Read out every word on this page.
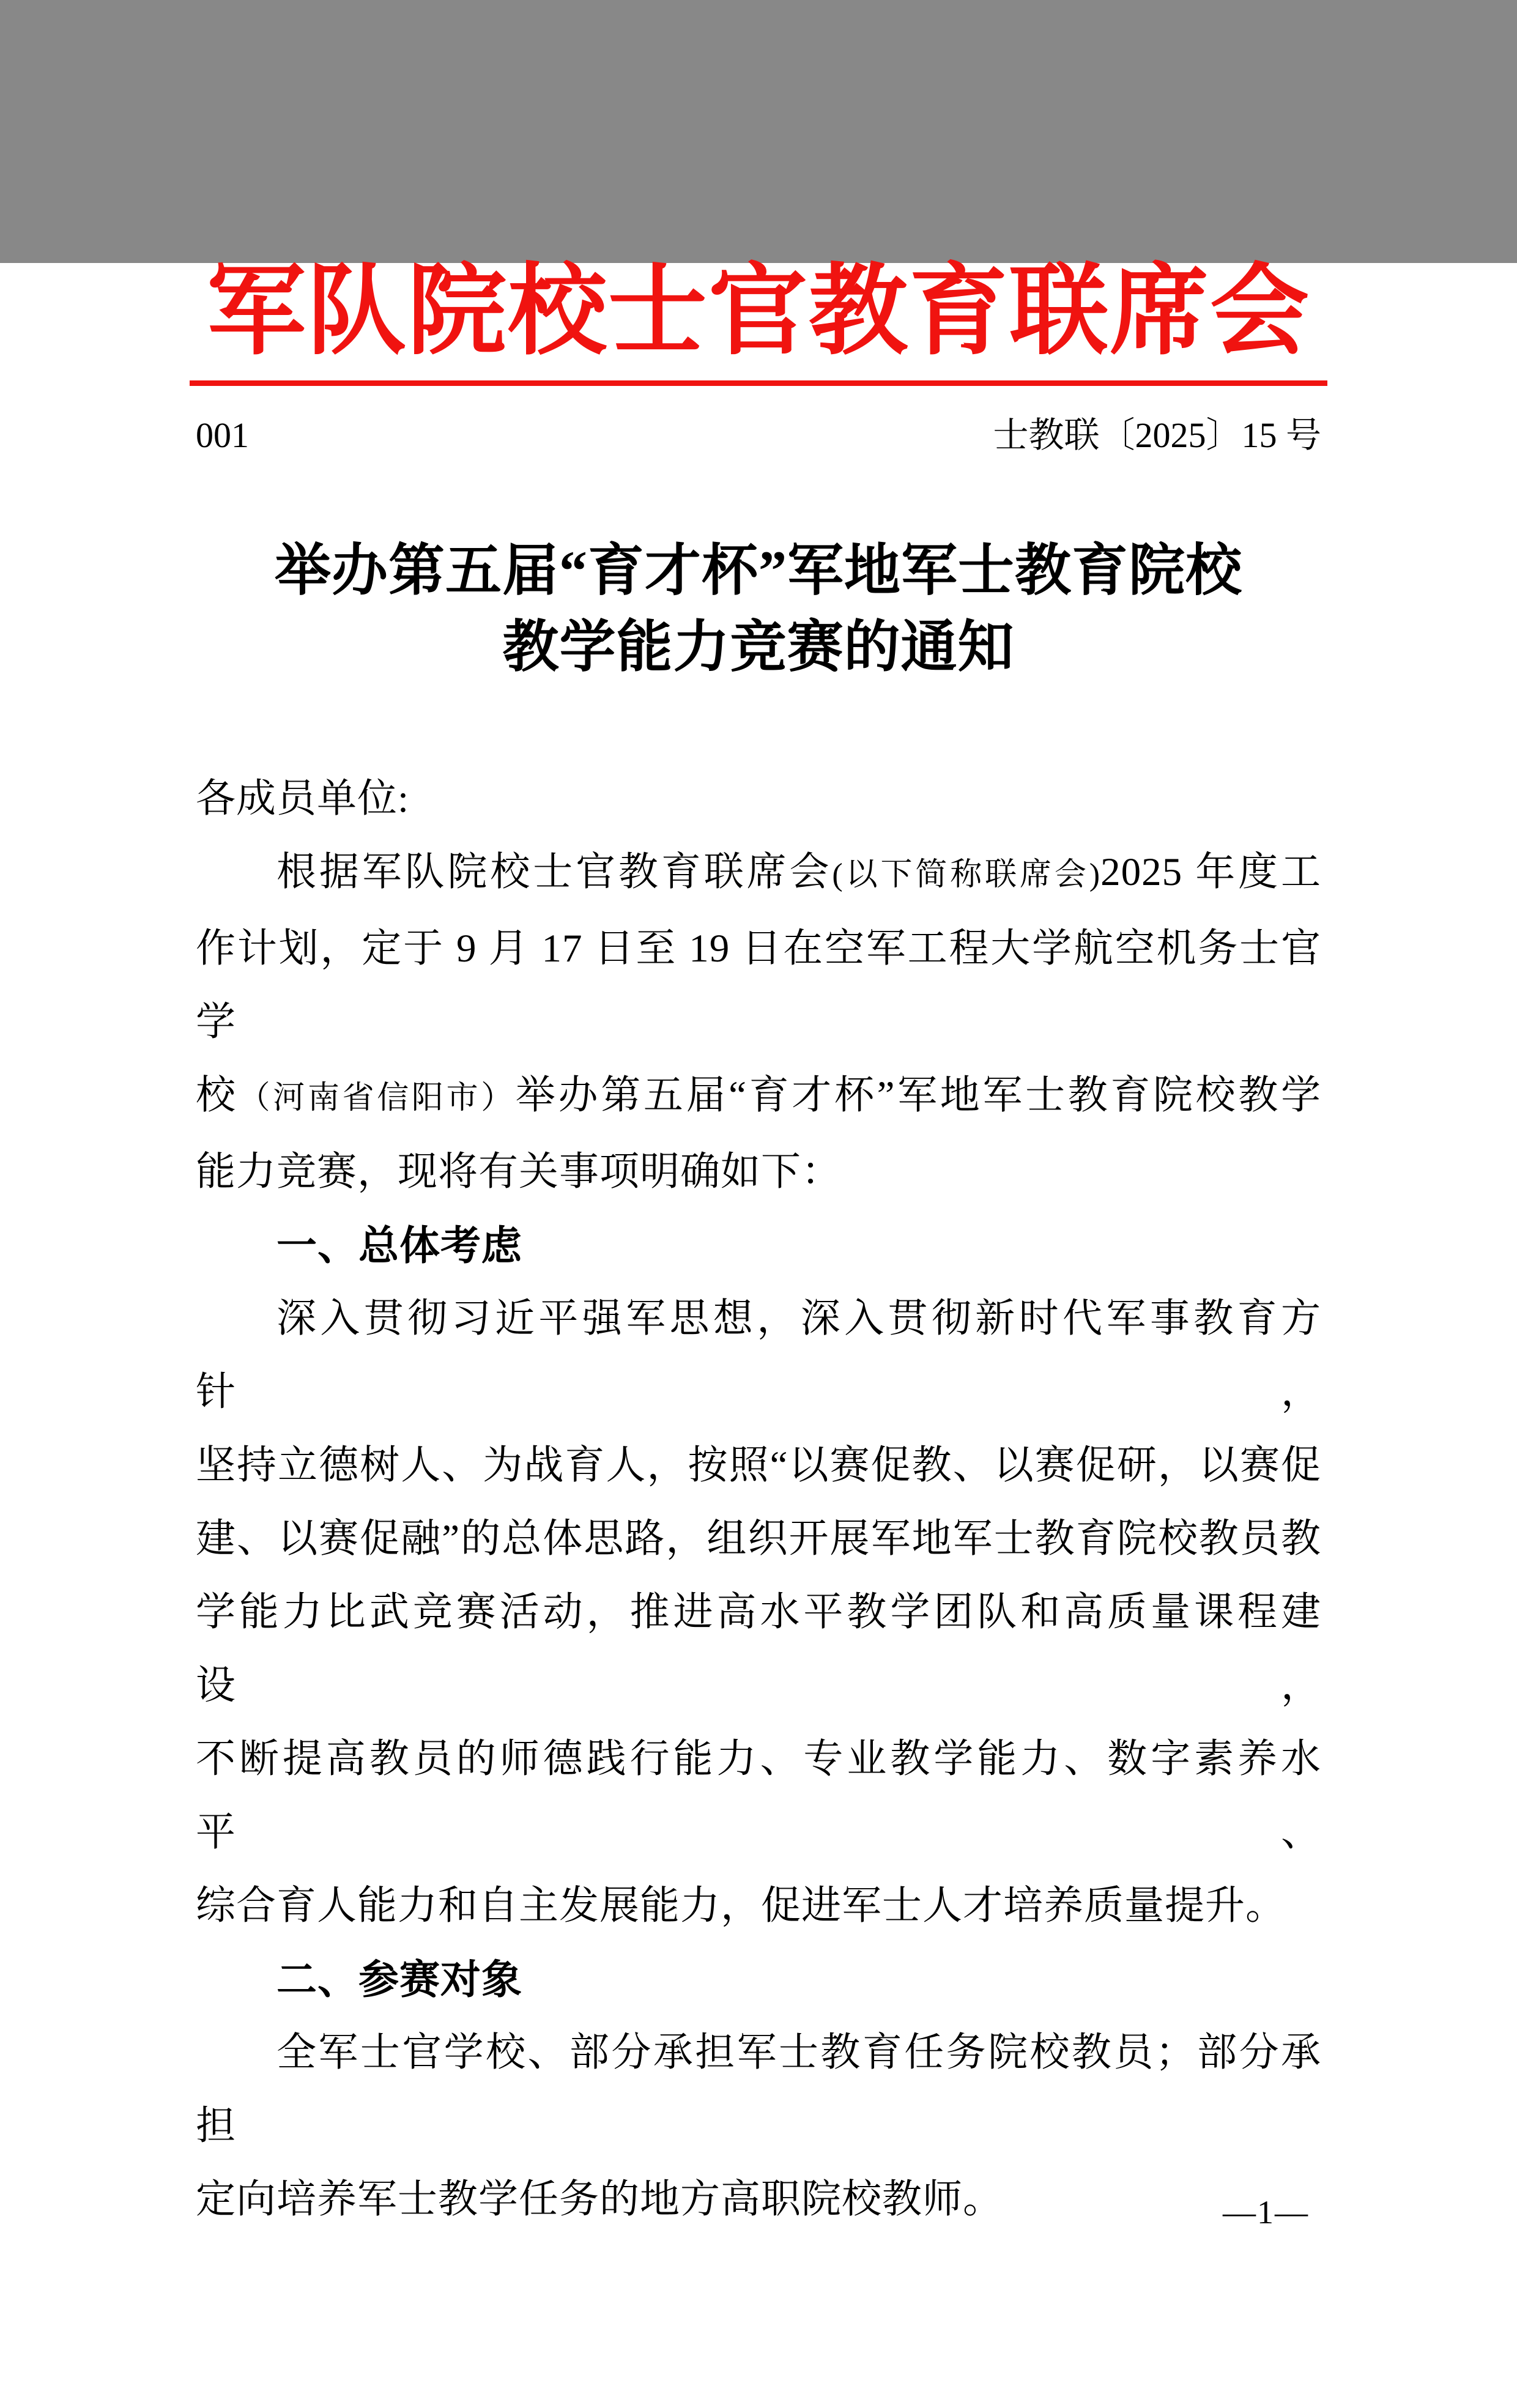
军队院校士官教育联席会
001	士教联〔2025〕15 号
举办第五届“育才杯”军地军士教育院校
教学能力竞赛的通知
各成员单位:
根据军队院校士官教育联席会(以下简称联席会)2025 年度工
作计划，定于 9 月 17 日至 19 日在空军工程大学航空机务士官学
校（河南省信阳市）举办第五届“育才杯”军地军士教育院校教学
能力竞赛，现将有关事项明确如下：
一、总体考虑
深入贯彻习近平强军思想，深入贯彻新时代军事教育方针，
坚持立德树人、为战育人，按照“以赛促教、以赛促研，以赛促
建、以赛促融”的总体思路，组织开展军地军士教育院校教员教
学能力比武竞赛活动，推进高水平教学团队和高质量课程建设，
不断提高教员的师德践行能力、专业教学能力、数字素养水平、
综合育人能力和自主发展能力，促进军士人才培养质量提升。
二、参赛对象
全军士官学校、部分承担军士教育任务院校教员；部分承担
定向培养军士教学任务的地方高职院校教师。	—1—
